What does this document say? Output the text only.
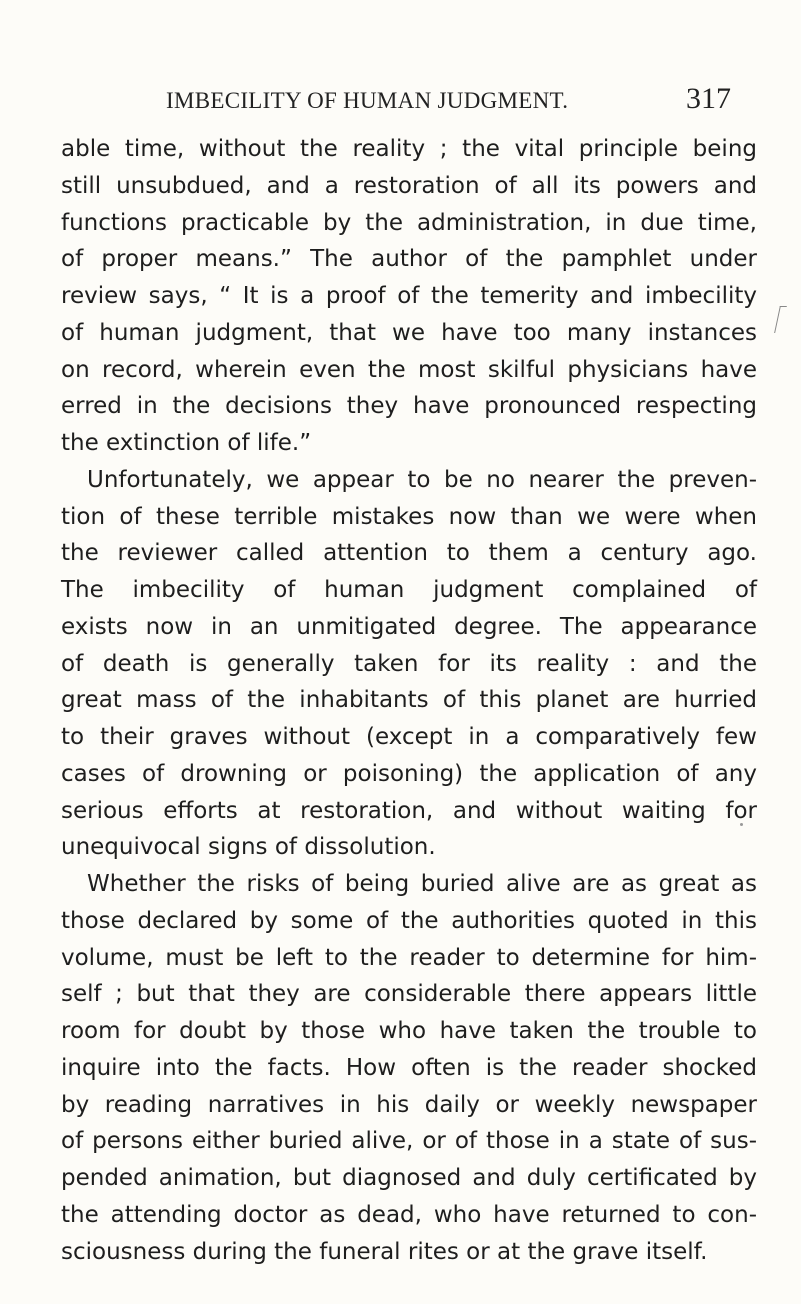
IMBECILITY OF HUMAN JUDGMENT.	317
able time, without the reality ; the vital principle being
still unsubdued, and a restoration of all its powers and
functions practicable by the administration, in due time,
of proper means.” The author of the pamphlet under
review says, “ It is a proof of the temerity and imbecility
of human judgment, that we have too many instances
on record, wherein even the most skilful physicians have
erred in the decisions they have pronounced respecting
the extinction of life.”
Unfortunately, we appear to be no nearer the preven-
tion of these terrible mistakes now than we were when
the reviewer called attention to them a century ago.
The imbecility of human judgment complained of
exists now in an unmitigated degree. The appearance
of death is generally taken for its reality : and the
great mass of the inhabitants of this planet are hurried
to their graves without (except in a comparatively few
cases of drowning or poisoning) the application of any
serious efforts at restoration, and without waiting for
unequivocal signs of dissolution.
Whether the risks of being buried alive are as great as
those declared by some of the authorities quoted in this
volume, must be left to the reader to determine for him-
self ; but that they are considerable there appears little
room for doubt by those who have taken the trouble to
inquire into the facts. How often is the reader shocked
by reading narratives in his daily or weekly newspaper
of persons either buried alive, or of those in a state of sus-
pended animation, but diagnosed and duly certificated by
the attending doctor as dead, who have returned to con-
sciousness during the funeral rites or at the grave itself.
